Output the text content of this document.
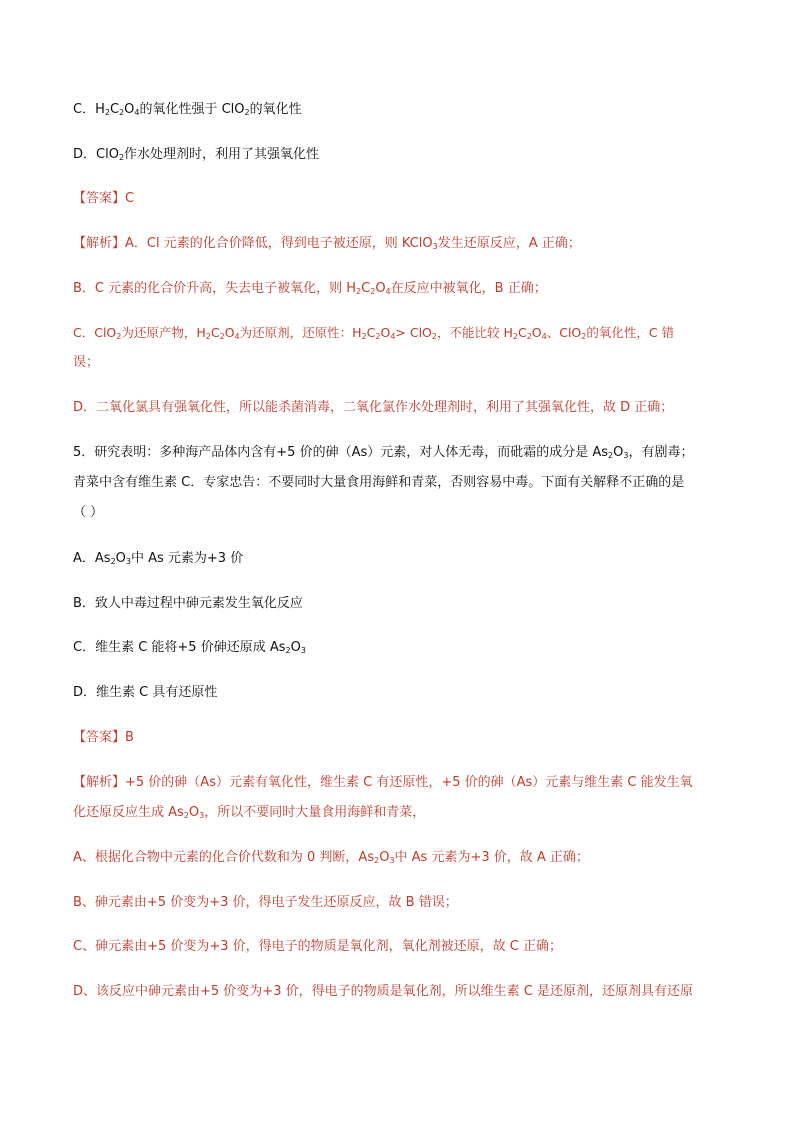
C．$H_2C_2O_4$的氧化性强于 ClO$_2$的氧化性
D．ClO$_2$作水处理剂时，利用了其强氧化性
【答案】C
【解析】A．Cl 元素的化合价降低，得到电子被还原，则 KClO$_3$发生还原反应，A 正确；
B．C 元素的化合价升高，失去电子被氧化，则 $H_2C_2O_4$在反应中被氧化，B 正确；
C．ClO$_2$为还原产物，$H_2C_2O_4$为还原剂，还原性：$H_2C_2O_4> ClO_2$，不能比较 $H_2C_2O_4$、ClO$_2$的氧化性，C 错
误；
D．二氧化氯具有强氧化性，所以能杀菌消毒，二氧化氯作水处理剂时，利用了其强氧化性，故 D 正确；
5．研究表明：多种海产品体内含有+5 价的砷（As）元素，对人体无毒，而砒霜的成分是 $As_2O_3$，有剧毒；
青菜中含有维生素 C．专家忠告：不要同时大量食用海鲜和青菜，否则容易中毒。下面有关解释不正确的是
（ ）
A．$As_2O_3$中 As 元素为+3 价
B．致人中毒过程中砷元素发生氧化反应
C．维生素 C 能将+5 价砷还原成 $As_2O_3$
D．维生素 C 具有还原性
【答案】B
【解析】+5 价的砷（As）元素有氧化性，维生素 C 有还原性，+5 价的砷（As）元素与维生素 C 能发生氧
化还原反应生成 $As_2O_3$，所以不要同时大量食用海鲜和青菜，
A、根据化合物中元素的化合价代数和为 0 判断，$As_2O_3$中 As 元素为+3 价，故 A 正确；
B、砷元素由+5 价变为+3 价，得电子发生还原反应，故 B 错误；
C、砷元素由+5 价变为+3 价，得电子的物质是氧化剂，氧化剂被还原，故 C 正确；
D、该反应中砷元素由+5 价变为+3 价，得电子的物质是氧化剂，所以维生素 C 是还原剂，还原剂具有还原
